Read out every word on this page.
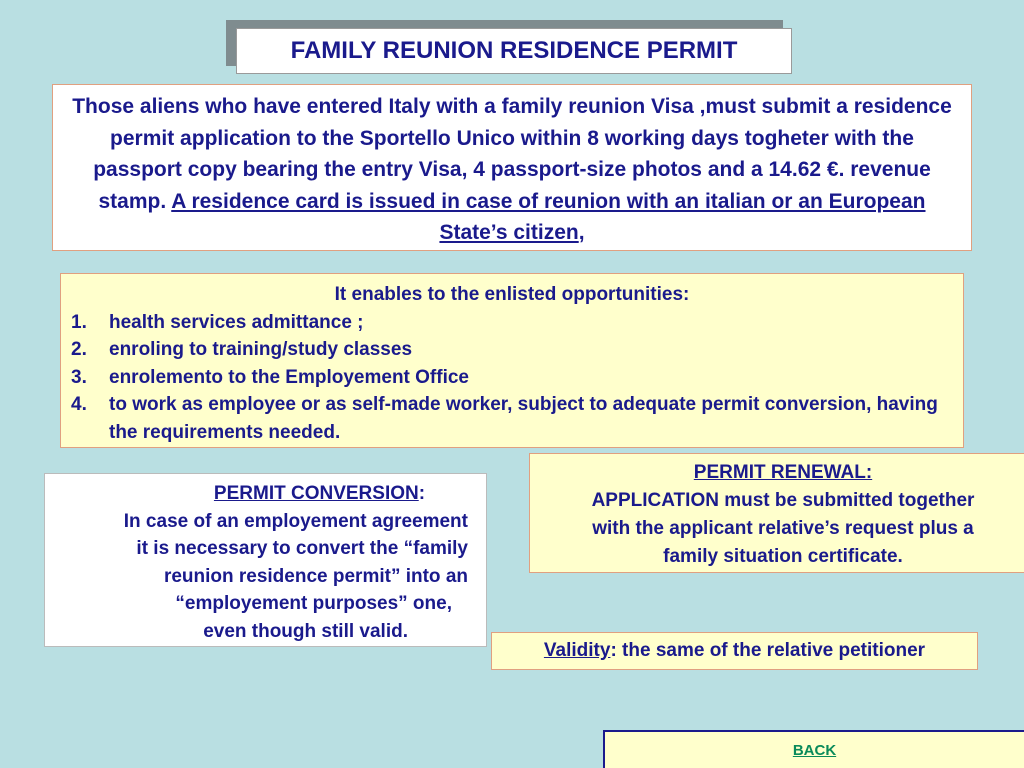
FAMILY REUNION RESIDENCE PERMIT
Those aliens who have entered Italy with a family reunion Visa ,must submit a residence permit application to the Sportello Unico within 8 working days togheter with the passport copy bearing the entry Visa, 4 passport-size photos and a 14.62 €. revenue stamp. A residence card is issued in case of reunion with an italian or an European State’s citizen,

It enables to the enlisted opportunities:

1.	health services admittance ;
2.	enroling to training/study classes
3.	enrolemento to the Employement Office
4.	to work as employee or as self-made worker, subject to adequate permit conversion, having the requirements needed.
PERMIT RENEWAL:
APPLICATION must be submitted together
with the applicant relative’s request plus a
family situation certificate.
PERMIT CONVERSION:
In case of an employement agreement
it is necessary to convert the “family
reunion residence permit” into an
“employement purposes” one,
even though still valid.
Validity : the same of the relative petitioner
BACK
